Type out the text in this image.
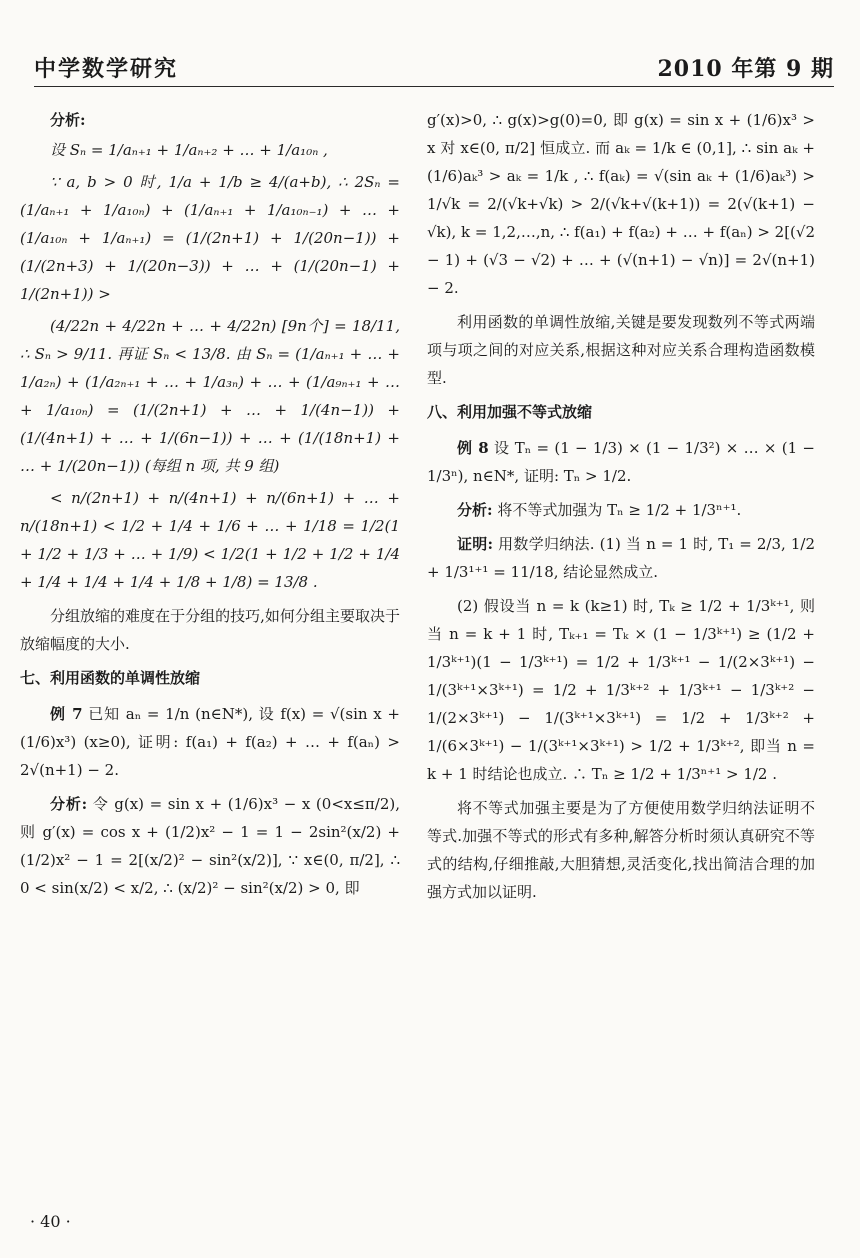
中学数学研究	2010 年第 9 期
分析:
设 Sₙ = 1/aₙ₊₁ + 1/aₙ₊₂ + … + 1/a₁₀ₙ ,
∵ a, b > 0 时, 1/a + 1/b ≥ 4/(a+b), ∴ 2Sₙ = (1/aₙ₊₁ + 1/a₁₀ₙ) + (1/aₙ₊₁ + 1/a₁₀ₙ₋₁) + … + (1/a₁₀ₙ + 1/aₙ₊₁) = (1/(2n+1) + 1/(20n−1)) + (1/(2n+3) + 1/(20n−3)) + … + (1/(20n−1) + 1/(2n+1)) >
(4/22n + 4/22n + … + 4/22n) [9n个] = 18/11, ∴ Sₙ > 9/11. 再证 Sₙ < 13/8. 由 Sₙ = (1/aₙ₊₁ + … + 1/a₂ₙ) + (1/a₂ₙ₊₁ + … + 1/a₃ₙ) + … + (1/a₉ₙ₊₁ + … + 1/a₁₀ₙ) = (1/(2n+1) + … + 1/(4n−1)) + (1/(4n+1) + … + 1/(6n−1)) + … + (1/(18n+1) + … + 1/(20n−1)) (每组 n 项, 共 9 组)
< n/(2n+1) + n/(4n+1) + n/(6n+1) + … + n/(18n+1) < 1/2 + 1/4 + 1/6 + … + 1/18 = 1/2(1 + 1/2 + 1/3 + … + 1/9) < 1/2(1 + 1/2 + 1/2 + 1/4 + 1/4 + 1/4 + 1/4 + 1/8 + 1/8) = 13/8 .

分组放缩的难度在于分组的技巧,如何分组主要取决于放缩幅度的大小.

七、利用函数的单调性放缩
例 7 已知 aₙ = 1/n (n∈N*), 设 f(x) = √(sin x + (1/6)x³) (x≥0), 证明: f(a₁) + f(a₂) + … + f(aₙ) > 2√(n+1) − 2.
分析: 令 g(x) = sin x + (1/6)x³ − x (0<x≤π/2), 则 g′(x) = cos x + (1/2)x² − 1 = 1 − 2sin²(x/2) + (1/2)x² − 1 = 2[(x/2)² − sin²(x/2)], ∵ x∈(0, π/2], ∴ 0 < sin(x/2) < x/2, ∴ (x/2)² − sin²(x/2) > 0, 即

g′(x)>0, ∴ g(x)>g(0)=0, 即 g(x) = sin x + (1/6)x³ > x 对 x∈(0, π/2] 恒成立. 而 aₖ = 1/k ∈ (0,1], ∴ sin aₖ + (1/6)aₖ³ > aₖ = 1/k , ∴ f(aₖ) = √(sin aₖ + (1/6)aₖ³) > 1/√k = 2/(√k+√k) > 2/(√k+√(k+1)) = 2(√(k+1) − √k), k = 1,2,…,n, ∴ f(a₁) + f(a₂) + … + f(aₙ) > 2[(√2 − 1) + (√3 − √2) + … + (√(n+1) − √n)] = 2√(n+1) − 2.

利用函数的单调性放缩,关键是要发现数列不等式两端项与项之间的对应关系,根据这种对应关系合理构造函数模型.

八、利用加强不等式放缩
例 8 设 Tₙ = (1 − 1/3) × (1 − 1/3²) × … × (1 − 1/3ⁿ), n∈N*, 证明: Tₙ > 1/2.
分析: 将不等式加强为 Tₙ ≥ 1/2 + 1/3ⁿ⁺¹.
证明: 用数学归纳法. (1) 当 n = 1 时, T₁ = 2/3, 1/2 + 1/3¹⁺¹ = 11/18, 结论显然成立.

(2) 假设当 n = k (k≥1) 时, Tₖ ≥ 1/2 + 1/3ᵏ⁺¹, 则当 n = k + 1 时, Tₖ₊₁ = Tₖ × (1 − 1/3ᵏ⁺¹) ≥ (1/2 + 1/3ᵏ⁺¹)(1 − 1/3ᵏ⁺¹) = 1/2 + 1/3ᵏ⁺¹ − 1/(2×3ᵏ⁺¹) − 1/(3ᵏ⁺¹×3ᵏ⁺¹) = 1/2 + 1/3ᵏ⁺² + 1/3ᵏ⁺¹ − 1/3ᵏ⁺² − 1/(2×3ᵏ⁺¹) − 1/(3ᵏ⁺¹×3ᵏ⁺¹) = 1/2 + 1/3ᵏ⁺² + 1/(6×3ᵏ⁺¹) − 1/(3ᵏ⁺¹×3ᵏ⁺¹) > 1/2 + 1/3ᵏ⁺², 即当 n = k + 1 时结论也成立. ∴ Tₙ ≥ 1/2 + 1/3ⁿ⁺¹ > 1/2 .

将不等式加强主要是为了方便使用数学归纳法证明不等式.加强不等式的形式有多种,解答分析时须认真研究不等式的结构,仔细推敲,大胆猜想,灵活变化,找出简洁合理的加强方式加以证明.

· 40 ·
